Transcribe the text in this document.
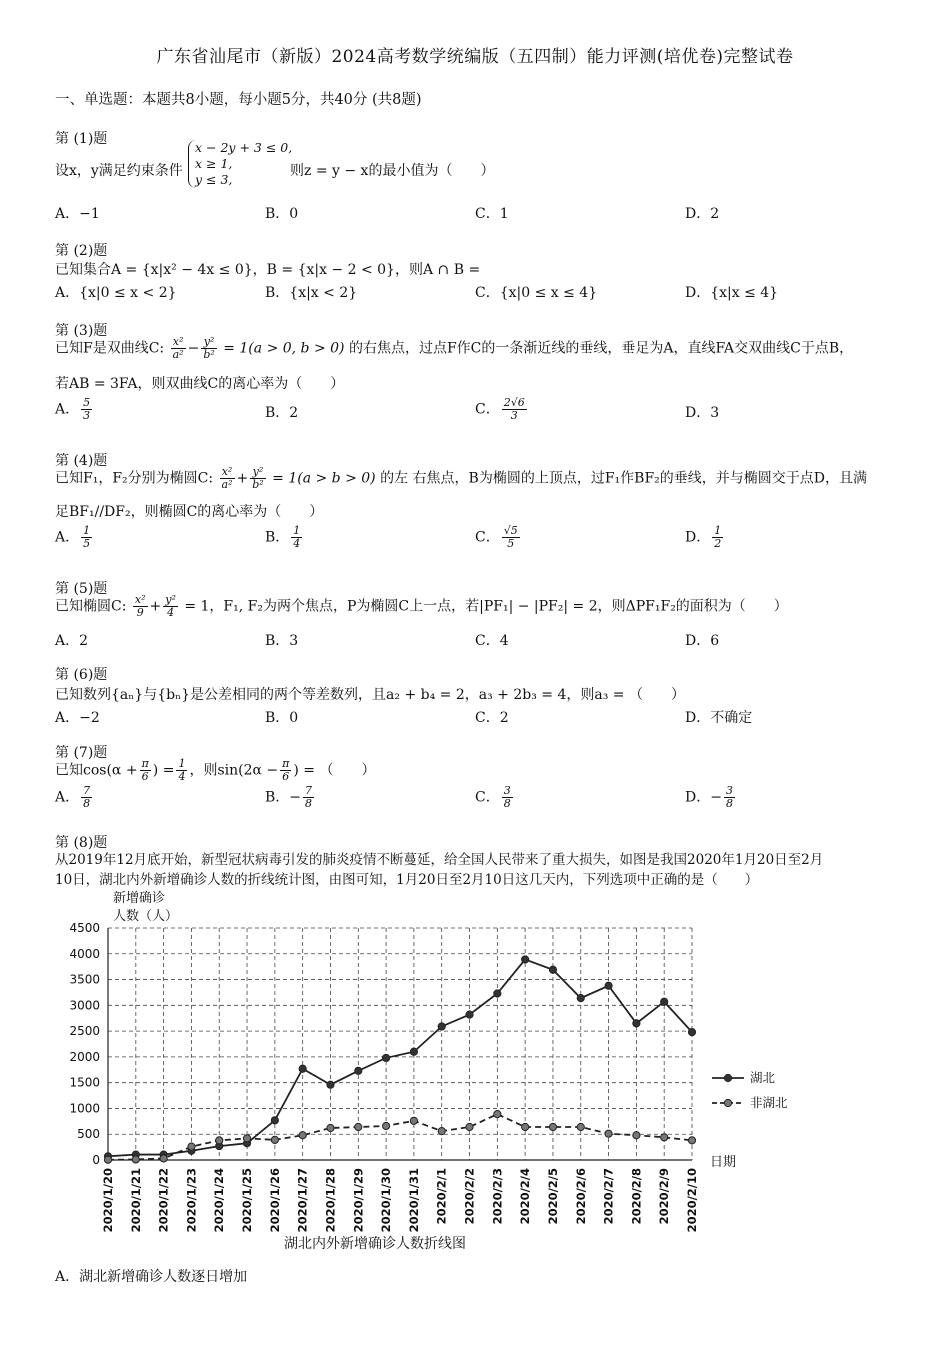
广东省汕尾市（新版）2024高考数学统编版（五四制）能力评测(培优卷)完整试卷
一、单选题：本题共8小题，每小题5分，共40分 (共8题)
第 (1)题
设x，y满足约束条件
x − 2y + 3 ≤ 0,
x ≥ 1,
y ≤ 3,
则z = y − x的最小值为（　　）
A．−1	B．0	C．1	D．2
第 (2)题
已知集合A = {x|x² − 4x ≤ 0}，B = {x|x − 2 < 0}，则A ∩ B =
A．{x|0 ≤ x < 2}	B．{x|x < 2}	C．{x|0 ≤ x ≤ 4}	D．{x|x ≤ 4}
第 (3)题
已知F是双曲线C: $\frac{\text{x²}}{\text{a²}} - \frac{\text{y²}}{\text{b²}} = 1(a > 0$, b > 0) 的右焦点，过点F作C的一条渐近线的垂线，垂足为A，直线FA交双曲线C于点B，
若AB = 3FA，则双曲线C的离心率为（　　）
A． $\frac{5}{3}$	B．2	C． $\frac{2√6}{3}$	D．3
第 (4)题
已知F₁，F₂分别为椭圆C: $\frac{\text{x²}}{\text{a²}} + \frac{\text{y²}}{\text{b²}} = 1(a > b > 0)$ 的左 右焦点，B为椭圆的上顶点，过F₁作BF₂的垂线，并与椭圆交于点D，且满
足BF₁//DF₂，则椭圆C的离心率为（　　）
A． $\frac{1}{5}$	B． $\frac{1}{4}$	C． $\frac{√5}{5}$	D． $\frac{1}{2}$
第 (5)题
已知椭圆C: $\frac{\text{x²}}{9} + \frac{\text{y²}}{4} = 1$，F₁, F₂为两个焦点，P为椭圆C上一点，若|PF₁| − |PF₂| = 2，则ΔPF₁F₂的面积为（　　）
A．2	B．3	C．4	D．6
第 (6)题
已知数列{aₙ}与{bₙ}是公差相同的两个等差数列，且a₂ + b₄ = 2，a₃ + 2b₃ = 4，则a₃ = （　　）
A．−2	B．0	C．2	D．不确定
第 (7)题
已知$\cos(\alpha + \frac{\pi}{6}$ ) = $\frac{1}{4}$ ，则$\sin(2\alpha - \frac{\pi}{6}$ ) = （　　）
A． $\frac{7}{8}$	B．− $\frac{7}{8}$	C． $\frac{3}{8}$	D．− $\frac{3}{8}$
第 (8)题
从2019年12月底开始，新型冠状病毒引发的肺炎疫情不断蔓延，给全国人民带来了重大损失，如图是我国2020年1月20日至2月
10日，湖北内外新增确诊人数的折线统计图，由图可知，1月20日至2月10日这几天内，下列选项中正确的是（　　）
新增确诊
人数（人）
0
500
1000
1500
2000
2500
3000
3500
4000
4500
2020/1/20 2020/1/21 2020/1/22 2020/1/23 2020/1/24 2020/1/25 2020/1/26 2020/1/27 2020/1/28 2020/1/29 2020/1/30 2020/1/31 2020/2/1 2020/2/2 2020/2/3 2020/2/4 2020/2/5 2020/2/6 2020/2/7 2020/2/8 2020/2/9 2020/2/10
日期
湖北
非湖北
湖北内外新增确诊人数折线图
A．湖北新增确诊人数逐日增加
